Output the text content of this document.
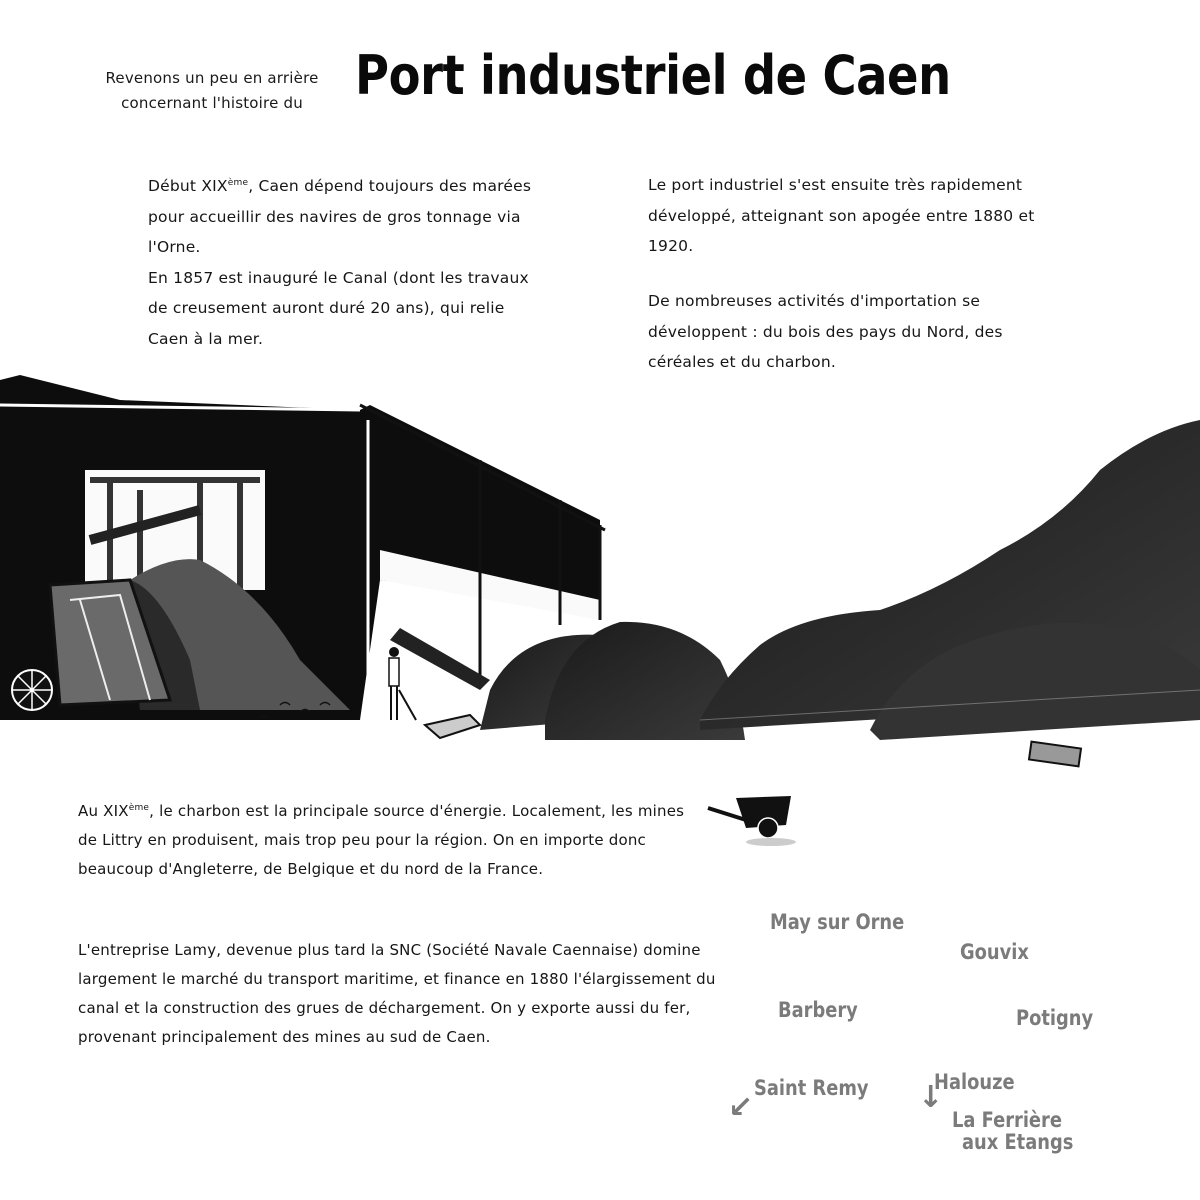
Revenons un peu en arrière
concernant l'histoire du Port industriel de Caen
Début XIXème, Caen dépend toujours des marées pour accueillir des navires de gros tonnage via l'Orne.
En 1857 est inauguré le Canal (dont les travaux de creusement auront duré 20 ans), qui relie Caen à la mer.
Le port industriel s'est ensuite très rapidement développé, atteignant son apogée entre 1880 et 1920.
De nombreuses activités d'importation se développent : du bois des pays du Nord, des céréales et du charbon.
Au XIXème, le charbon est la principale source d'énergie. Localement, les mines de Littry en produisent, mais trop peu pour la région. On en importe donc beaucoup d'Angleterre, de Belgique et du nord de la France.
L'entreprise Lamy, devenue plus tard la SNC (Société Navale Caennaise) domine largement le marché du transport maritime, et finance en 1880 l'élargissement du canal et la construction des grues de déchargement. On y exporte aussi du fer, provenant principalement des mines au sud de Caen.
May sur Orne
Gouvix
Barbery	Potigny
Saint Remy	Halouze
La Ferrière
aux Etangs
↙	↓
